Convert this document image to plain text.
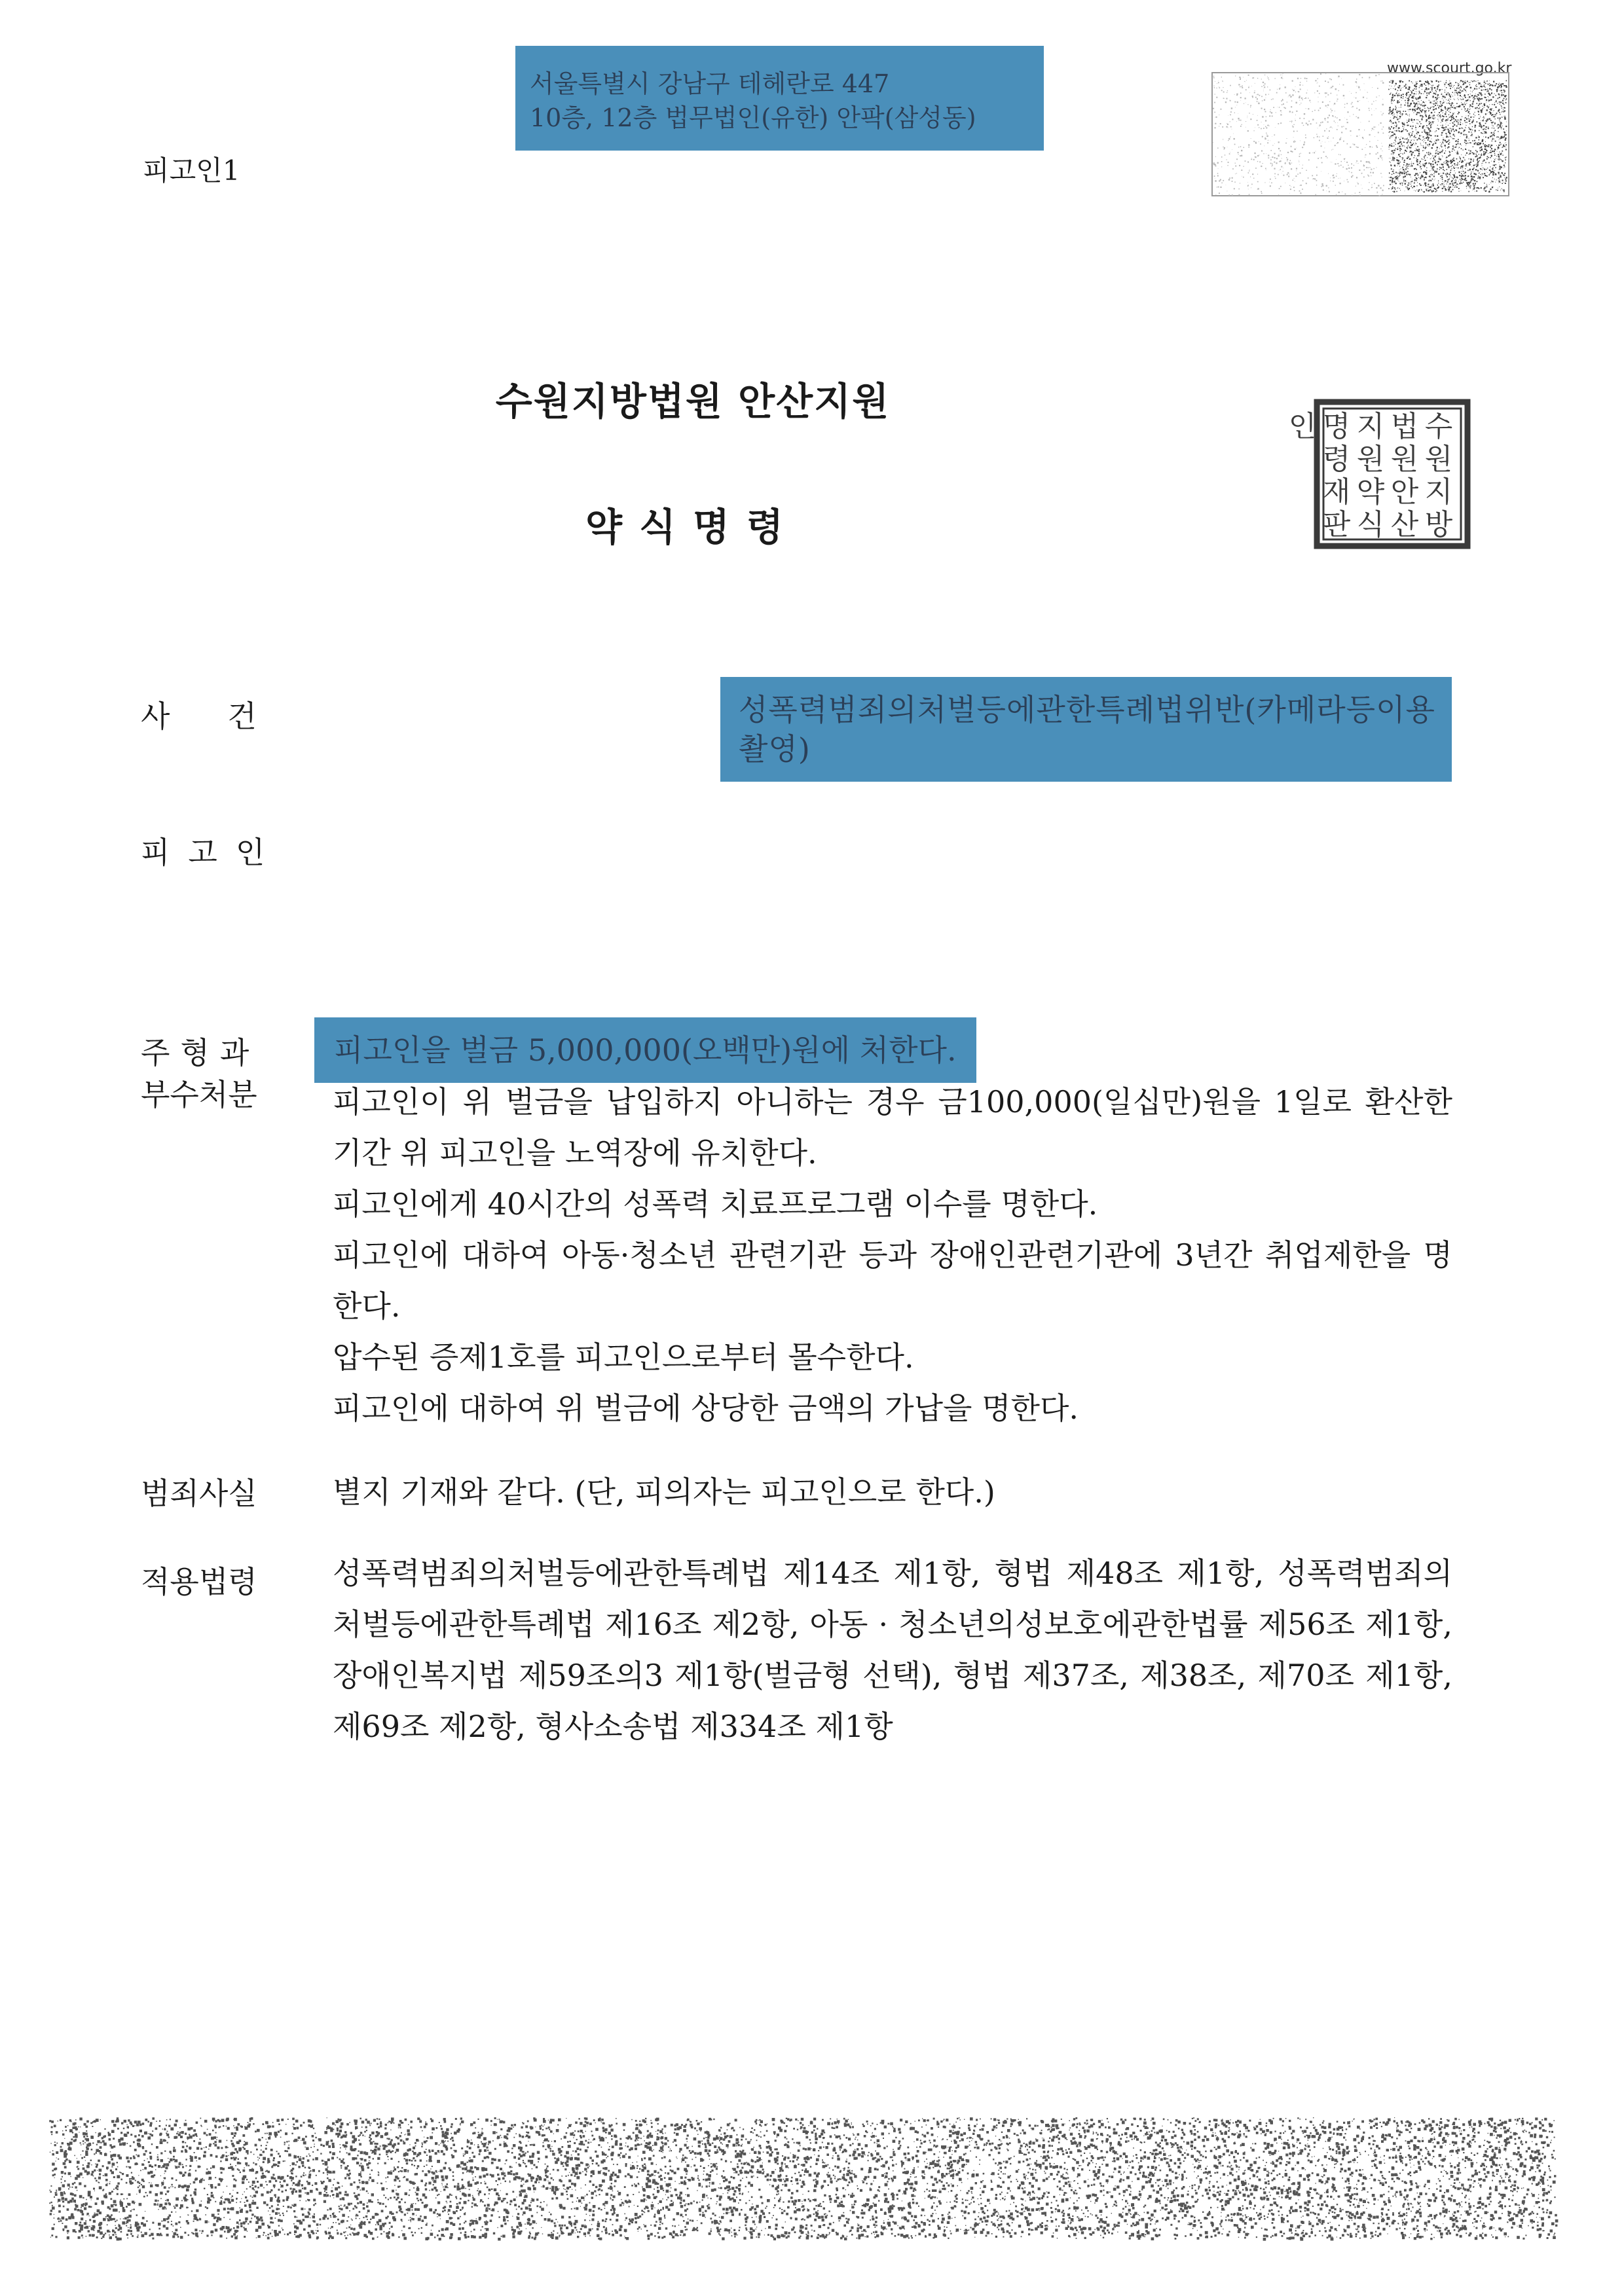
서울특별시 강남구 테헤란로 447
10층, 12층 법무법인(유한) 안팍(삼성동)
피고인1
www.scourt.go.kr
수원지방법원 안산지원
약식명령
수
원
지
방
법
원
안
산
지
원
약
식
명
령
재
판
인
사건
피고인
주형과
부수처분
범죄사실
적용법령
성폭력범죄의처벌등에관한특례법위반(카메라등이용촬영)
피고인을 벌금 5,000,000(오백만)원에 처한다.

피고인이 위 벌금을 납입하지 아니하는 경우 금100,000(일십만)원을 1일로 환산한 기간 위 피고인을 노역장에 유치한다.

피고인에게 40시간의 성폭력 치료프로그램 이수를 명한다.

피고인에 대하여 아동·청소년 관련기관 등과 장애인관련기관에 3년간 취업제한을 명한다.

압수된 증제1호를 피고인으로부터 몰수한다.

피고인에 대하여 위 벌금에 상당한 금액의 가납을 명한다.

별지 기재와 같다. (단, 피의자는 피고인으로 한다.)
성폭력범죄의처벌등에관한특례법 제14조 제1항, 형법 제48조 제1항, 성폭력범죄의처벌등에관한특례법 제16조 제2항, 아동 · 청소년의성보호에관한법률 제56조 제1항, 장애인복지법 제59조의3 제1항(벌금형 선택), 형법 제37조, 제38조, 제70조 제1항, 제69조 제2항, 형사소송법 제334조 제1항
